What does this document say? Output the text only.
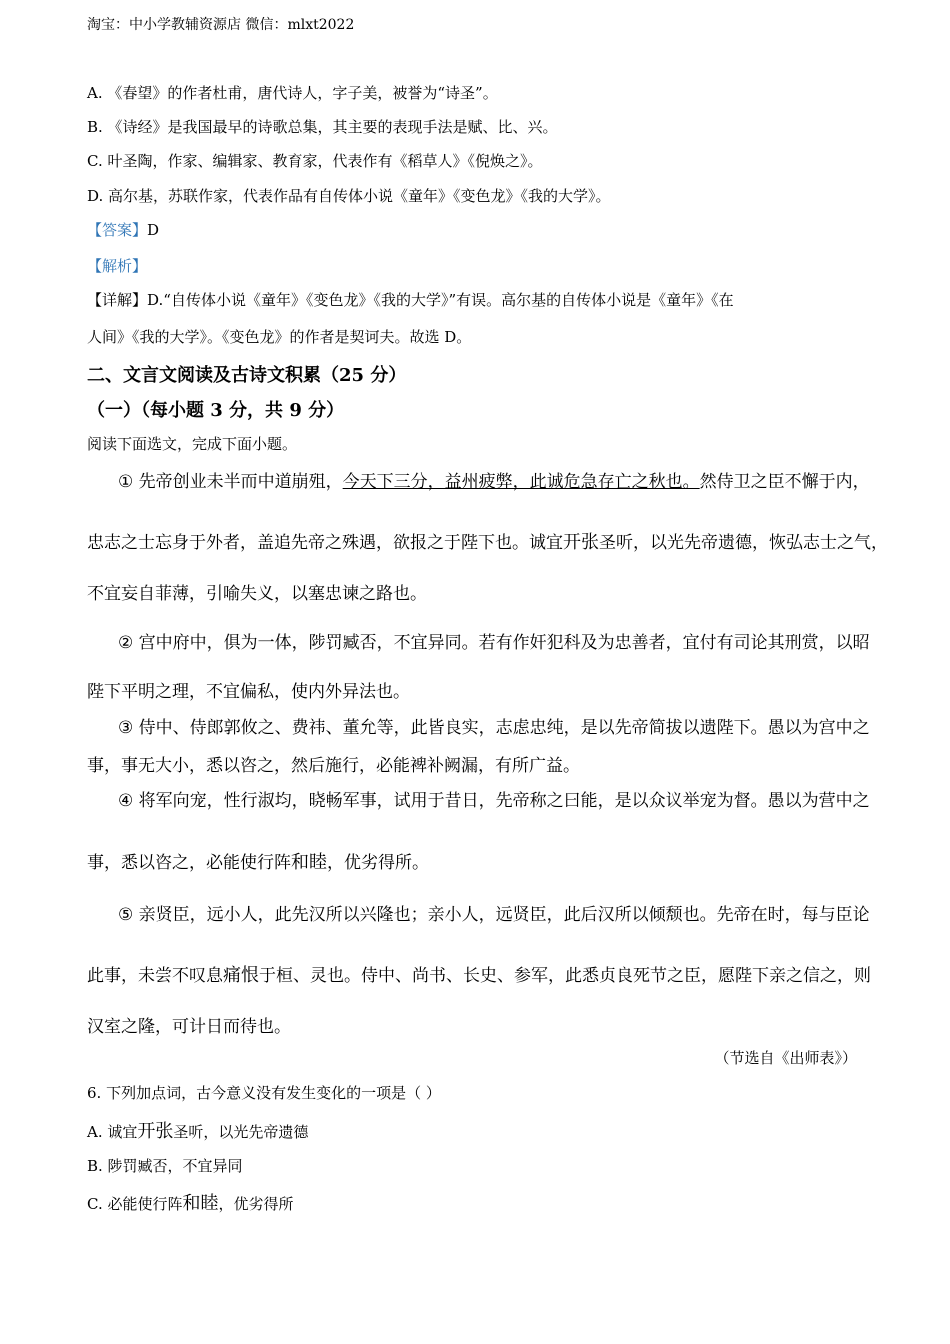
淘宝：中小学教辅资源店 微信：mlxt2022
A. 《春望》的作者杜甫，唐代诗人，字子美，被誉为“诗圣”。
B. 《诗经》是我国最早的诗歌总集，其主要的表现手法是赋、比、兴。
C. 叶圣陶，作家、编辑家、教育家，代表作有《稻草人》《倪焕之》。
D. 高尔基，苏联作家，代表作品有自传体小说《童年》《变色龙》《我的大学》。
【答案】D
【解析】
【详解】D.“自传体小说《童年》《变色龙》《我的大学》”有误。高尔基的自传体小说是《童年》《在
人间》《我的大学》。《变色龙》的作者是契诃夫。故选 D。
二、文言文阅读及古诗文积累（25 分）
（一）（每小题 3 分，共 9 分）
阅读下面选文，完成下面小题。
① 先帝创业未半而中道崩殂，今天下三分，益州疲弊，此诚危急存亡之秋也。然侍卫之臣不懈于内，
忠志之士忘身于外者，盖追先帝之殊遇，欲报之于陛下也。诚宜开张圣听，以光先帝遗德，恢弘志士之气，
不宜妄自菲薄，引喻失义，以塞忠谏之路也。
② 宫中府中，俱为一体，陟罚臧否，不宜异同。若有作奸犯科及为忠善者，宜付有司论其刑赏，以昭
陛下平明之理，不宜偏私，使内外异法也。
③ 侍中、侍郎郭攸之、费祎、董允等，此皆良实，志虑忠纯，是以先帝简拔以遗陛下。愚以为宫中之
事，事无大小，悉以咨之，然后施行，必能裨补阙漏，有所广益。
④ 将军向宠，性行淑均，晓畅军事，试用于昔日，先帝称之曰能，是以众议举宠为督。愚以为营中之
事，悉以咨之，必能使行阵和睦，优劣得所。
⑤ 亲贤臣，远小人，此先汉所以兴隆也；亲小人，远贤臣，此后汉所以倾颓也。先帝在时，每与臣论
此事，未尝不叹息痛恨于桓、灵也。侍中、尚书、长史、参军，此悉贞良死节之臣，愿陛下亲之信之，则
汉室之隆，可计日而待也。
（节选自《出师表》）
6. 下列加点词，古今意义没有发生变化的一项是（ ）
A. 诚宜开张圣听，以光先帝遗德
B. 陟罚臧否，不宜异同
C. 必能使行阵和睦，优劣得所
